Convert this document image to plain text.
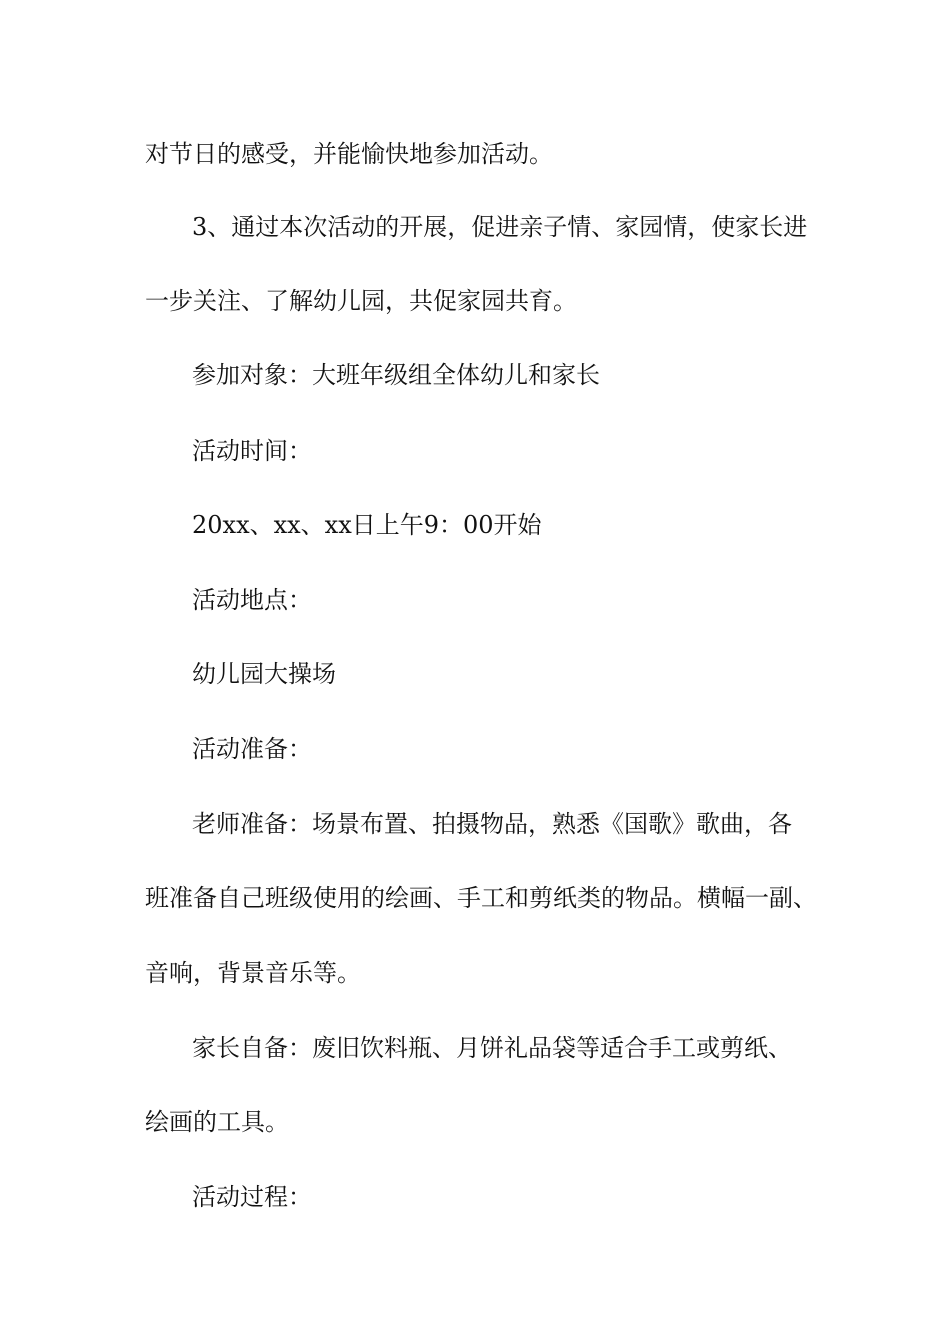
对节日的感受，并能愉快地参加活动。
3、通过本次活动的开展，促进亲子情、家园情，使家长进
一步关注、了解幼儿园，共促家园共育。
参加对象：大班年级组全体幼儿和家长
活动时间：
20xx、xx、xx日上午9：00开始
活动地点：
幼儿园大操场
活动准备：
老师准备：场景布置、拍摄物品，熟悉《国歌》歌曲，各
班准备自己班级使用的绘画、手工和剪纸类的物品。横幅一副、
音响，背景音乐等。
家长自备：废旧饮料瓶、月饼礼品袋等适合手工或剪纸、
绘画的工具。
活动过程：
